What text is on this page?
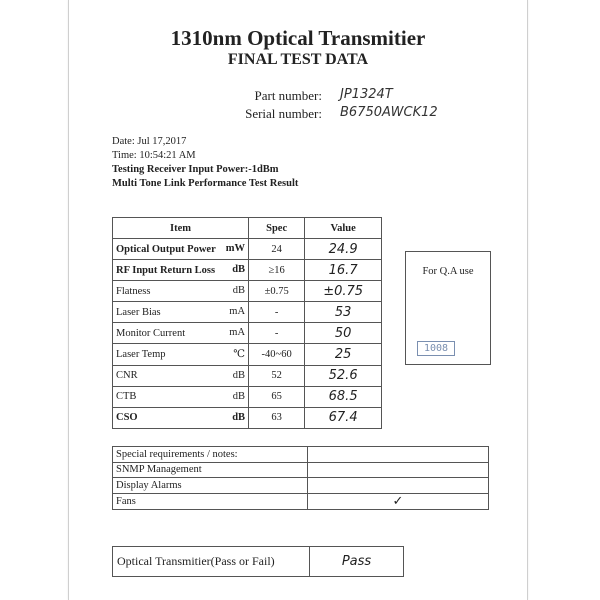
1310nm Optical Transmitier
FINAL TEST DATA
Part number: JP1324T
Serial number: B6750AWCK12
Date: Jul 17,2017
Time: 10:54:21 AM
Testing Receiver Input Power:-1dBm
Multi Tone Link Performance Test Result
Item	Spec	Value
Optical Output Power mW	24	24.9
RF Input Return Loss dB	≥16	16.7
Flatness dB	±0.75	±0.75
Laser Bias mA	-	53
Monitor Current mA	-	50
Laser Temp ℃	-40~60	25
CNR dB	52	52.6
CTB dB	65	68.5
CSO dB	63	67.4
For Q.A use
1008
Special requirements / notes:	
SNMP Management	
Display Alarms	
Fans	✓
Optical Transmitier(Pass or Fail)	Pass
